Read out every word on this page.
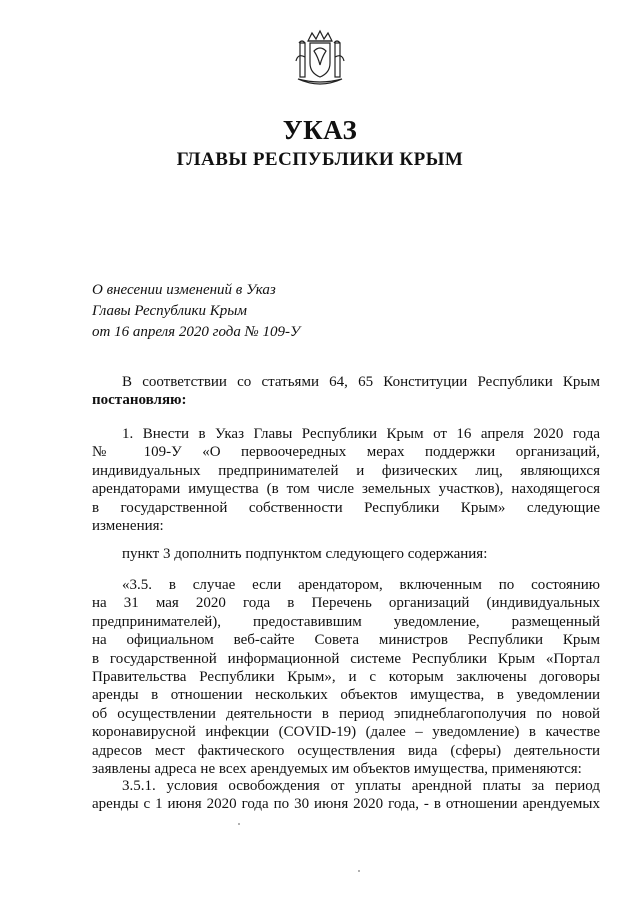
УКАЗ
ГЛАВЫ РЕСПУБЛИКИ КРЫМ
О внесении изменений в Указ
Главы Республики Крым
от 16 апреля 2020 года № 109-У
В соответствии со статьями 64, 65 Конституции Республики Крым
постановляю:
1. Внести в Указ Главы Республики Крым от 16 апреля 2020 года
№ 109-У «О первоочередных мерах поддержки организаций,
индивидуальных предпринимателей и физических лиц, являющихся
арендаторами имущества (в том числе земельных участков), находящегося
в государственной собственности Республики Крым» следующие
изменения:
пункт 3 дополнить подпунктом следующего содержания:
«3.5. в случае если арендатором, включенным по состоянию
на 31 мая 2020 года в Перечень организаций (индивидуальных
предпринимателей), предоставившим уведомление, размещенный
на официальном веб-сайте Совета министров Республики Крым
в государственной информационной системе Республики Крым «Портал
Правительства Республики Крым», и с которым заключены договоры
аренды в отношении нескольких объектов имущества, в уведомлении
об осуществлении деятельности в период эпиднеблагополучия по новой
коронавирусной инфекции (COVID-19) (далее – уведомление) в качестве
адресов мест фактического осуществления вида (сферы) деятельности
заявлены адреса не всех арендуемых им объектов имущества, применяются:
3.5.1. условия освобождения от уплаты арендной платы за период
аренды с 1 июня 2020 года по 30 июня 2020 года, - в отношении арендуемых
